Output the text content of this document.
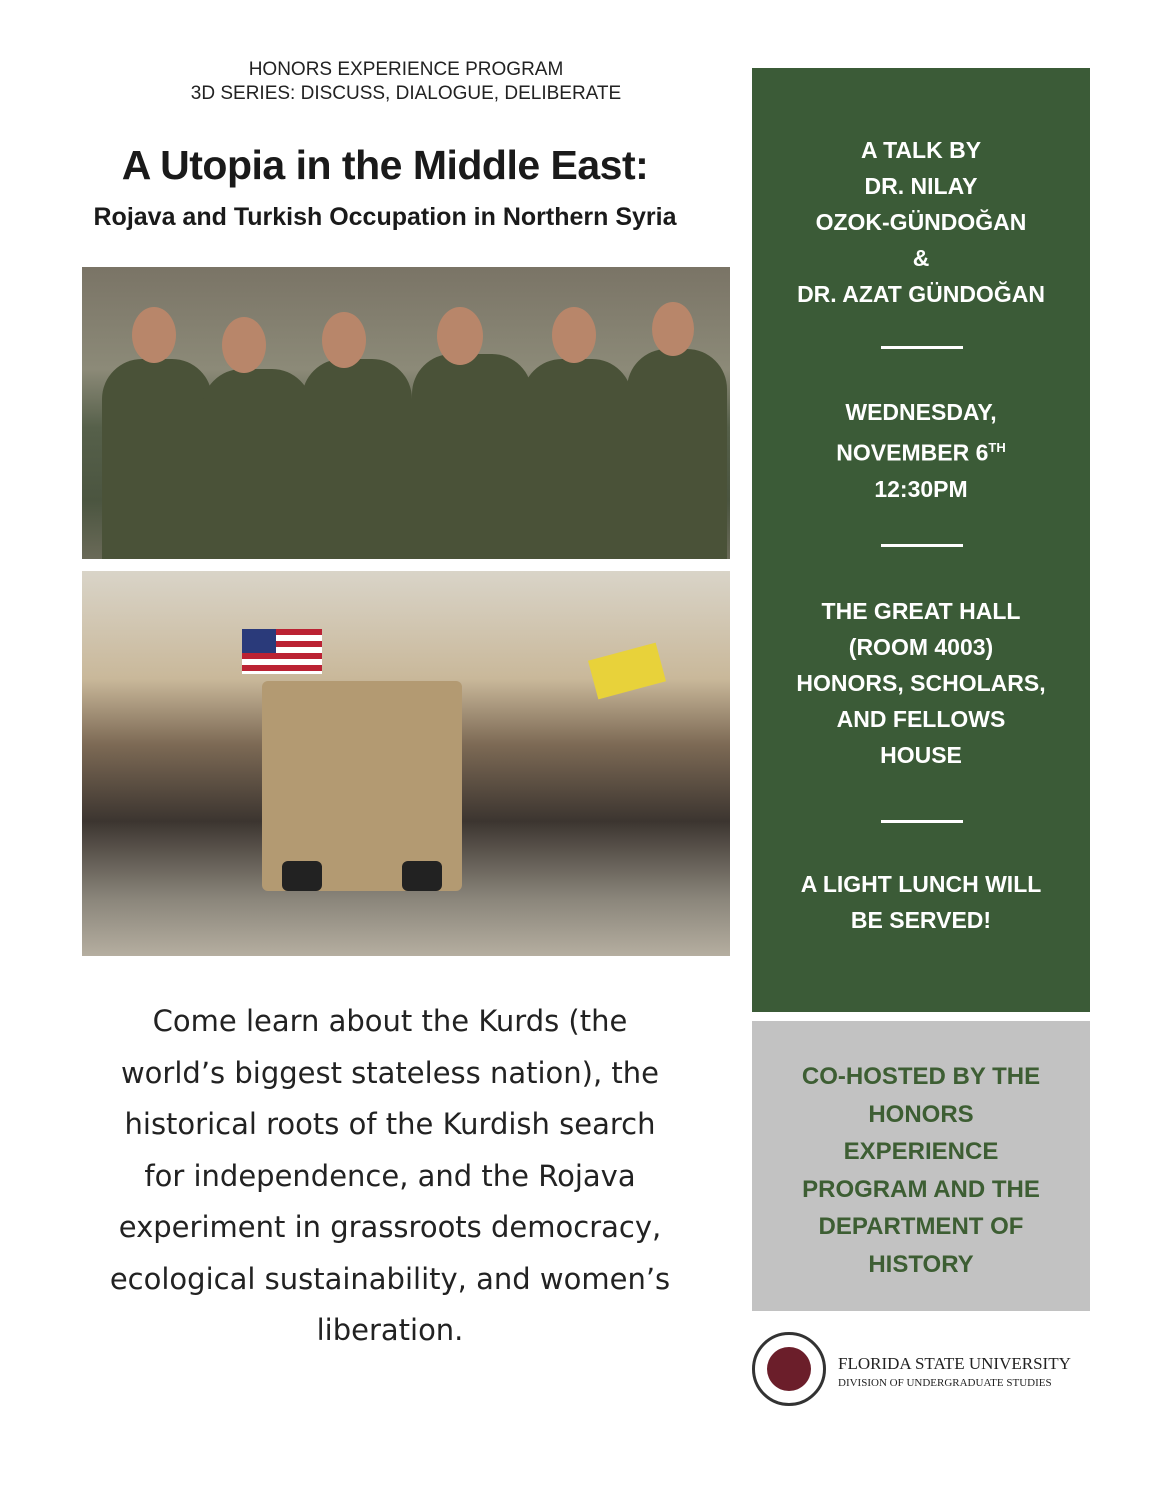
HONORS EXPERIENCE PROGRAM
3D SERIES: DISCUSS, DIALOGUE, DELIBERATE
A Utopia in the Middle East:
Rojava and Turkish Occupation in Northern Syria
Come learn about the Kurds (the
world’s biggest stateless nation), the
historical roots of the Kurdish search
for independence, and the Rojava
experiment in grassroots democracy,
ecological sustainability, and women’s
liberation.
A TALK BY
DR. NILAY
OZOK-GÜNDOĞAN
&
DR. AZAT GÜNDOĞAN
WEDNESDAY,
NOVEMBER 6TH
12:30PM
THE GREAT HALL
(ROOM 4003)
HONORS, SCHOLARS,
AND FELLOWS
HOUSE
A LIGHT LUNCH WILL
BE SERVED!
CO-HOSTED BY THE
HONORS
EXPERIENCE
PROGRAM AND THE
DEPARTMENT OF
HISTORY
FLORIDA STATE UNIVERSITY
DIVISION OF UNDERGRADUATE STUDIES
